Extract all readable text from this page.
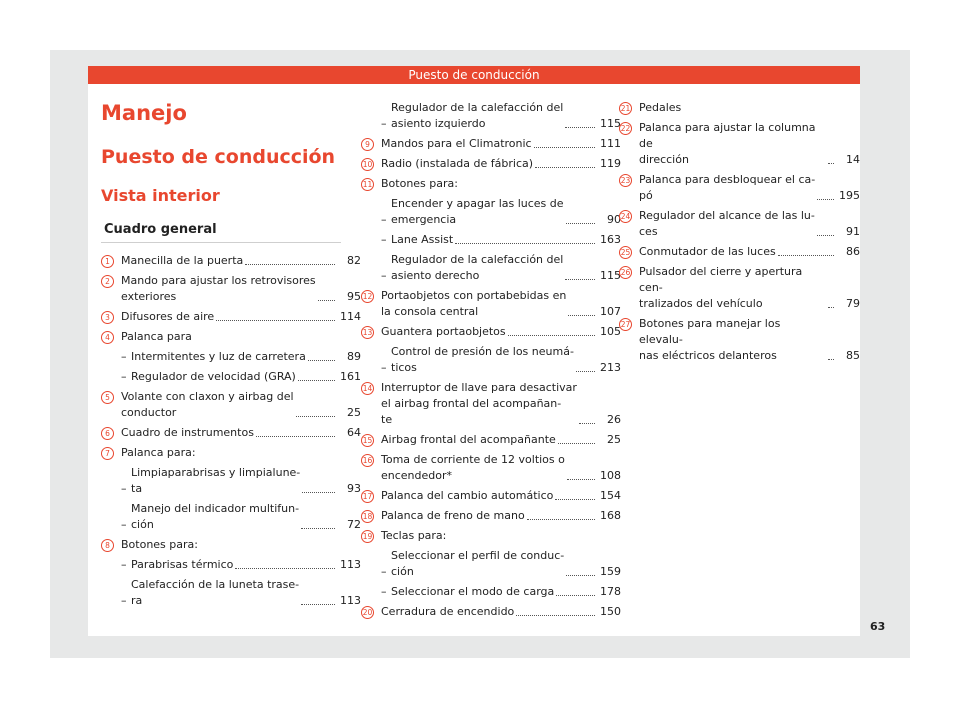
Puesto de conducción
Manejo
Puesto de conducción
Vista interior
Cuadro general
1	Manecilla de la puerta	82
2	Mando para ajustar los retrovisores
exteriores	95
3	Difusores de aire	114
4	Palanca para
– Intermitentes y luz de carretera	89
– Regulador de velocidad (GRA)	161
5	Volante con claxon y airbag del
conductor	25
6	Cuadro de instrumentos	64
7	Palanca para:
–
Limpiaparabrisas y limpialune-
ta	93
–
Manejo del indicador multifun-
ción	72
8	Botones para:
– Parabrisas térmico	113
–
Calefacción de la luneta trase-
ra	113
–
Regulador de la calefacción del
asiento izquierdo	115
9	Mandos para el Climatronic	111
10 Radio (instalada de fábrica)	119
11 Botones para:
–
Encender y apagar las luces de
emergencia	90
– Lane Assist	163
–
Regulador de la calefacción del
asiento derecho	115
12 Portaobjetos con portabebidas en
la consola central	107
13 Guantera portaobjetos	105
–
Control de presión de los neumá-
ticos	213
14 Interruptor de llave para desactivar
el airbag frontal del acompañan-
te	26
15 Airbag frontal del acompañante	25
16 Toma de corriente de 12 voltios o
encendedor*	108
17 Palanca del cambio automático	154
18 Palanca de freno de mano	168
19 Teclas para:
–
Seleccionar el perfil de conduc-
ción	159
– Seleccionar el modo de carga	178
20 Cerradura de encendido	150
21 Pedales
22 Palanca para ajustar la columna de
dirección	14
23 Palanca para desbloquear el ca-
pó	195
24 Regulador del alcance de las lu-
ces	91
25 Conmutador de las luces	86
26 Pulsador del cierre y apertura cen-
tralizados del vehículo	79
27 Botones para manejar los elevalu-
nas eléctricos delanteros	85
63
